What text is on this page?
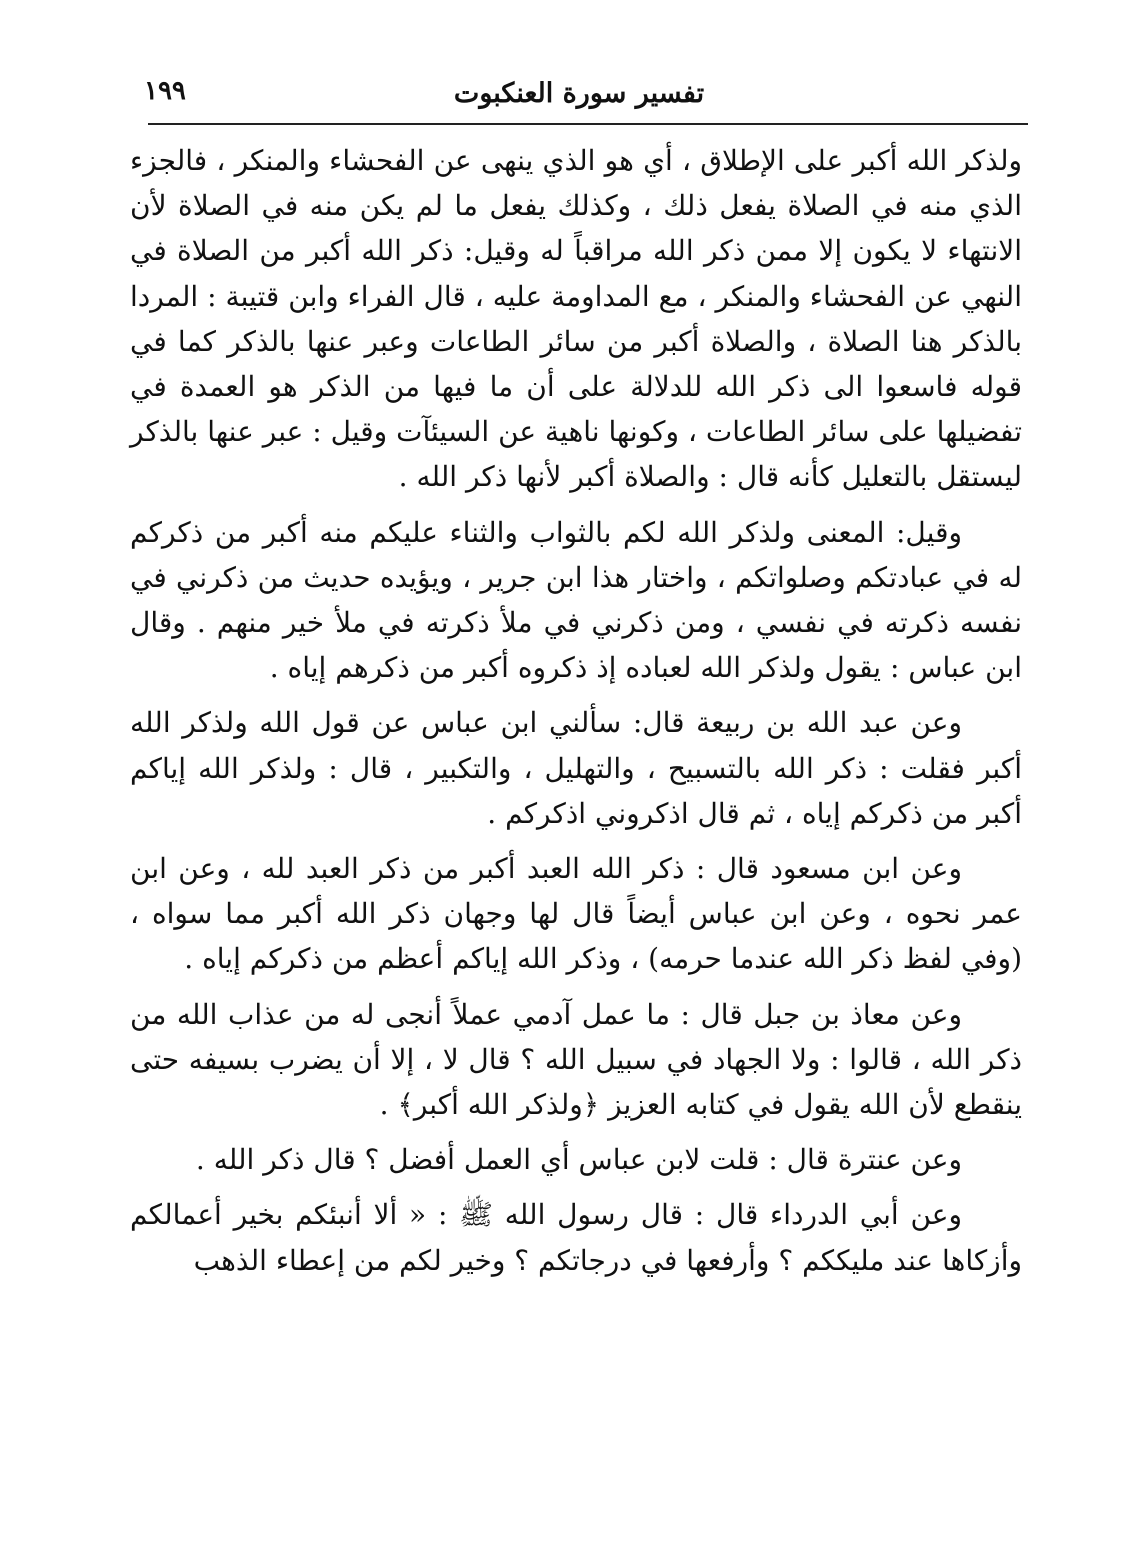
١٩٩	تفسير سورة العنكبوت

ولذكر الله أكبر على الإطلاق ، أي هو الذي ينهى عن الفحشاء والمنكر ، فالجزء الذي منه في الصلاة يفعل ذلك ، وكذلك يفعل ما لم يكن منه في الصلاة لأن الانتهاء لا يكون إلا ممن ذكر الله مراقباً له وقيل: ذكر الله أكبر من الصلاة في النهي عن الفحشاء والمنكر ، مع المداومة عليه ، قال الفراء وابن قتيبة : المردا بالذكر هنا الصلاة ، والصلاة أكبر من سائر الطاعات وعبر عنها بالذكر كما في قوله فاسعوا الى ذكر الله للدلالة على أن ما فيها من الذكر هو العمدة في تفضيلها على سائر الطاعات ، وكونها ناهية عن السيئآت وقيل : عبر عنها بالذكر ليستقل بالتعليل كأنه قال : والصلاة أكبر لأنها ذكر الله .

وقيل: المعنى ولذكر الله لكم بالثواب والثناء عليكم منه أكبر من ذكركم له في عبادتكم وصلواتكم ، واختار هذا ابن جرير ، ويؤيده حديث من ذكرني في نفسه ذكرته في نفسي ، ومن ذكرني في ملأ ذكرته في ملأ خير منهم . وقال ابن عباس : يقول ولذكر الله لعباده إذ ذكروه أكبر من ذكرهم إياه .

وعن عبد الله بن ربيعة قال: سألني ابن عباس عن قول الله ولذكر الله أكبر فقلت : ذكر الله بالتسبيح ، والتهليل ، والتكبير ، قال : ولذكر الله إياكم أكبر من ذكركم إياه ، ثم قال اذكروني اذكركم .

وعن ابن مسعود قال : ذكر الله العبد أكبر من ذكر العبد لله ، وعن ابن عمر نحوه ، وعن ابن عباس أيضاً قال لها وجهان ذكر الله أكبر مما سواه ، (وفي لفظ ذكر الله عندما حرمه) ، وذكر الله إياكم أعظم من ذكركم إياه .

وعن معاذ بن جبل قال : ما عمل آدمي عملاً أنجى له من عذاب الله من ذكر الله ، قالوا : ولا الجهاد في سبيل الله ؟ قال لا ، إلا أن يضرب بسيفه حتى ينقطع لأن الله يقول في كتابه العزيز ﴿ولذكر الله أكبر﴾ .

وعن عنترة قال : قلت لابن عباس أي العمل أفضل ؟ قال ذكر الله .

وعن أبي الدرداء قال : قال رسول الله ﷺ : « ألا أنبئكم بخير أعمالكم وأزكاها عند مليككم ؟ وأرفعها في درجاتكم ؟ وخير لكم من إعطاء الذهب
